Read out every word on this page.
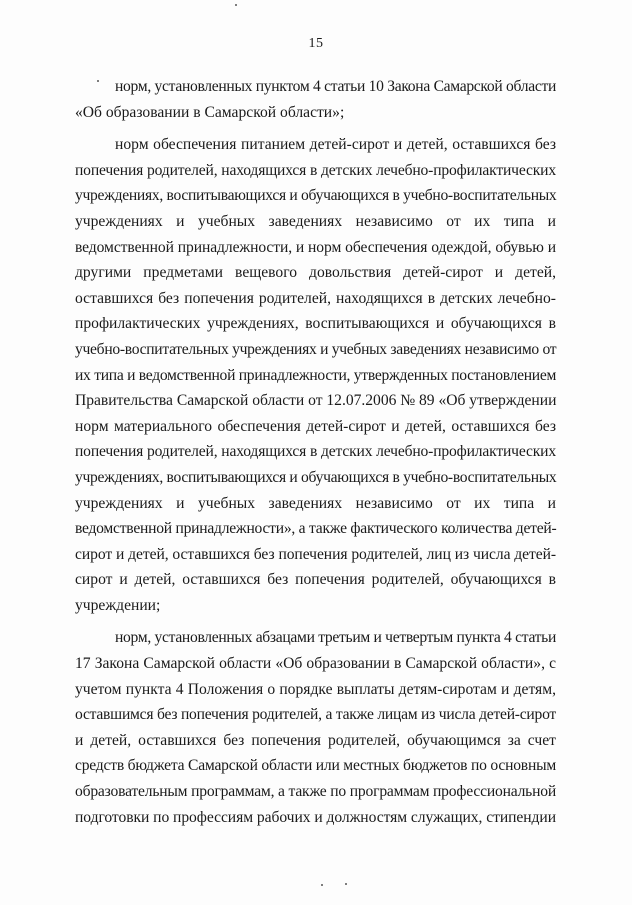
15
норм, установленных пунктом 4 статьи 10 Закона Самарской области
«Об образовании в Самарской области»;
норм обеспечения питанием детей-сирот и детей, оставшихся без
попечения родителей, находящихся в детских лечебно-профилактических
учреждениях, воспитывающихся и обучающихся в учебно-воспитательных
учреждениях и учебных заведениях независимо от их типа и
ведомственной принадлежности, и норм обеспечения одеждой, обувью и
другими предметами вещевого довольствия детей-сирот и детей,
оставшихся без попечения родителей, находящихся в детских лечебно-
профилактических учреждениях, воспитывающихся и обучающихся в
учебно-воспитательных учреждениях и учебных заведениях независимо от
их типа и ведомственной принадлежности, утвержденных постановлением
Правительства Самарской области от 12.07.2006 № 89 «Об утверждении
норм материального обеспечения детей-сирот и детей, оставшихся без
попечения родителей, находящихся в детских лечебно-профилактических
учреждениях, воспитывающихся и обучающихся в учебно-воспитательных
учреждениях и учебных заведениях независимо от их типа и
ведомственной принадлежности», а также фактического количества детей-
сирот и детей, оставшихся без попечения родителей, лиц из числа детей-
сирот и детей, оставшихся без попечения родителей, обучающихся в
учреждении;
норм, установленных абзацами третьим и четвертым пункта 4 статьи
17 Закона Самарской области «Об образовании в Самарской области», с
учетом пункта 4 Положения о порядке выплаты детям-сиротам и детям,
оставшимся без попечения родителей, а также лицам из числа детей-сирот
и детей, оставшихся без попечения родителей, обучающимся за счет
средств бюджета Самарской области или местных бюджетов по основным
образовательным программам, а также по программам профессиональной
подготовки по профессиям рабочих и должностям служащих, стипендии
